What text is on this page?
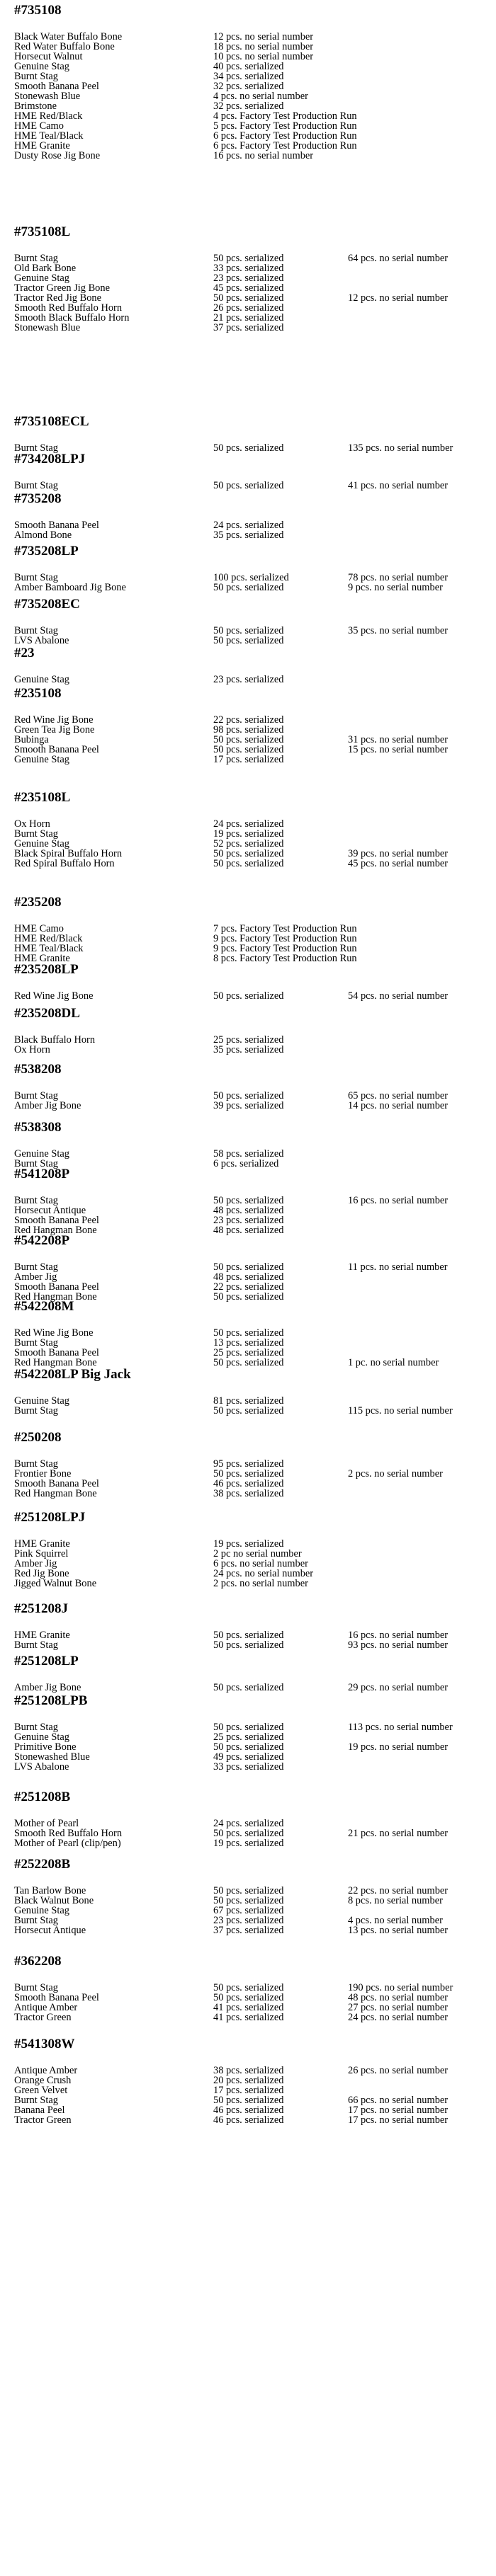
#735108
Black Water Buffalo Bone	12 pcs. no serial number
Red Water Buffalo Bone	18 pcs. no serial number
Horsecut Walnut	10 pcs. no serial number
Genuine Stag	40 pcs. serialized
Burnt Stag	34 pcs. serialized
Smooth Banana Peel	32 pcs. serialized
Stonewash Blue	4 pcs. no serial number
Brimstone	32 pcs. serialized
HME Red/Black	4 pcs. Factory Test Production Run
HME Camo	5 pcs. Factory Test Production Run
HME Teal/Black	6 pcs. Factory Test Production Run
HME Granite	6 pcs. Factory Test Production Run
Dusty Rose Jig Bone	16 pcs. no serial number
#735108L
Burnt Stag	50 pcs. serialized	64 pcs. no serial number
Old Bark Bone	33 pcs. serialized
Genuine Stag	23 pcs. serialized
Tractor Green Jig Bone	45 pcs. serialized
Tractor Red Jig Bone	50 pcs. serialized	12 pcs. no serial number
Smooth Red Buffalo Horn	26 pcs. serialized
Smooth Black Buffalo Horn	21 pcs. serialized
Stonewash Blue	37 pcs. serialized
#735108ECL
Burnt Stag	50 pcs. serialized	135 pcs. no serial number
#734208LPJ
Burnt Stag	50 pcs. serialized	41 pcs. no serial number
#735208
Smooth Banana Peel	24 pcs. serialized
Almond Bone	35 pcs. serialized
#735208LP
Burnt Stag	100 pcs. serialized	78 pcs. no serial number
Amber Bamboard Jig Bone	50 pcs. serialized	9 pcs. no serial number
#735208EC
Burnt Stag	50 pcs. serialized	35 pcs. no serial number
LVS Abalone	50 pcs. serialized
#23
Genuine Stag	23 pcs. serialized
#235108
Red Wine Jig Bone	22 pcs. serialized
Green Tea Jig Bone	98 pcs. serialized
Bubinga	50 pcs. serialized	31 pcs. no serial number
Smooth Banana Peel	50 pcs. serialized	15 pcs. no serial number
Genuine Stag	17 pcs. serialized
#235108L
Ox Horn	24 pcs. serialized
Burnt Stag	19 pcs. serialized
Genuine Stag	52 pcs. serialized
Black Spiral Buffalo Horn	50 pcs. serialized	39 pcs. no serial number
Red Spiral Buffalo Horn	50 pcs. serialized	45 pcs. no serial number
#235208
HME Camo	7 pcs. Factory Test Production Run
HME Red/Black	9 pcs. Factory Test Production Run
HME Teal/Black	9 pcs. Factory Test Production Run
HME Granite	8 pcs. Factory Test Production Run
#235208LP
Red Wine Jig Bone	50 pcs. serialized	54 pcs. no serial number
#235208DL
Black Buffalo Horn	25 pcs. serialized
Ox Horn	35 pcs. serialized
#538208
Burnt Stag	50 pcs. serialized	65 pcs. no serial number
Amber Jig Bone	39 pcs. serialized	14 pcs. no serial number
#538308
Genuine Stag	58 pcs. serialized
Burnt Stag	6 pcs. serialized
#541208P
Burnt Stag	50 pcs. serialized	16 pcs. no serial number
Horsecut Antique	48 pcs. serialized
Smooth Banana Peel	23 pcs. serialized
Red Hangman Bone	48 pcs. serialized
#542208P
Burnt Stag	50 pcs. serialized	11 pcs. no serial number
Amber Jig	48 pcs. serialized
Smooth Banana Peel	22 pcs. serialized
Red Hangman Bone	50 pcs. serialized
#542208M
Red Wine Jig Bone	50 pcs. serialized
Burnt Stag	13 pcs. serialized
Smooth Banana Peel	25 pcs. serialized
Red Hangman Bone	50 pcs. serialized	1 pc. no serial number
#542208LP Big Jack
Genuine Stag	81 pcs. serialized
Burnt Stag	50 pcs. serialized	115 pcs. no serial number
#250208
Burnt Stag	95 pcs. serialized
Frontier Bone	50 pcs. serialized	2 pcs. no serial number
Smooth Banana Peel	46 pcs. serialized
Red Hangman Bone	38 pcs. serialized
#251208LPJ
HME Granite	19 pcs. serialized
Pink Squirrel	2 pc no serial number
Amber Jig	6 pcs. no serial number
Red Jig Bone	24 pcs. no serial number
Jigged Walnut Bone	2 pcs. no serial number
#251208J
HME Granite	50 pcs. serialized	16 pcs. no serial number
Burnt Stag	50 pcs. serialized	93 pcs. no serial number
#251208LP
Amber Jig Bone	50 pcs. serialized	29 pcs. no serial number
#251208LPB
Burnt Stag	50 pcs. serialized	113 pcs. no serial number
Genuine Stag	25 pcs. serialized
Primitive Bone	50 pcs. serialized	19 pcs. no serial number
Stonewashed Blue	49 pcs. serialized
LVS Abalone	33 pcs. serialized
#251208B
Mother of Pearl	24 pcs. serialized
Smooth Red Buffalo Horn	50 pcs. serialized	21 pcs. no serial number
Mother of Pearl (clip/pen)	19 pcs. serialized
#252208B
Tan Barlow Bone	50 pcs. serialized	22 pcs. no serial number
Black Walnut Bone	50 pcs. serialized	8 pcs. no serial number
Genuine Stag	67 pcs. serialized
Burnt Stag	23 pcs. serialized	4 pcs. no serial number
Horsecut Antique	37 pcs. serialized	13 pcs. no serial number
#362208
Burnt Stag	50 pcs. serialized	190 pcs. no serial number
Smooth Banana Peel	50 pcs. serialized	48 pcs. no serial number
Antique Amber	41 pcs. serialized	27 pcs. no serial number
Tractor Green	41 pcs. serialized	24 pcs. no serial number
#541308W
Antique Amber	38 pcs. serialized	26 pcs. no serial number
Orange Crush	20 pcs. serialized
Green Velvet	17 pcs. serialized
Burnt Stag	50 pcs. serialized	66 pcs. no serial number
Banana Peel	46 pcs. serialized	17 pcs. no serial number
Tractor Green	46 pcs. serialized	17 pcs. no serial number
